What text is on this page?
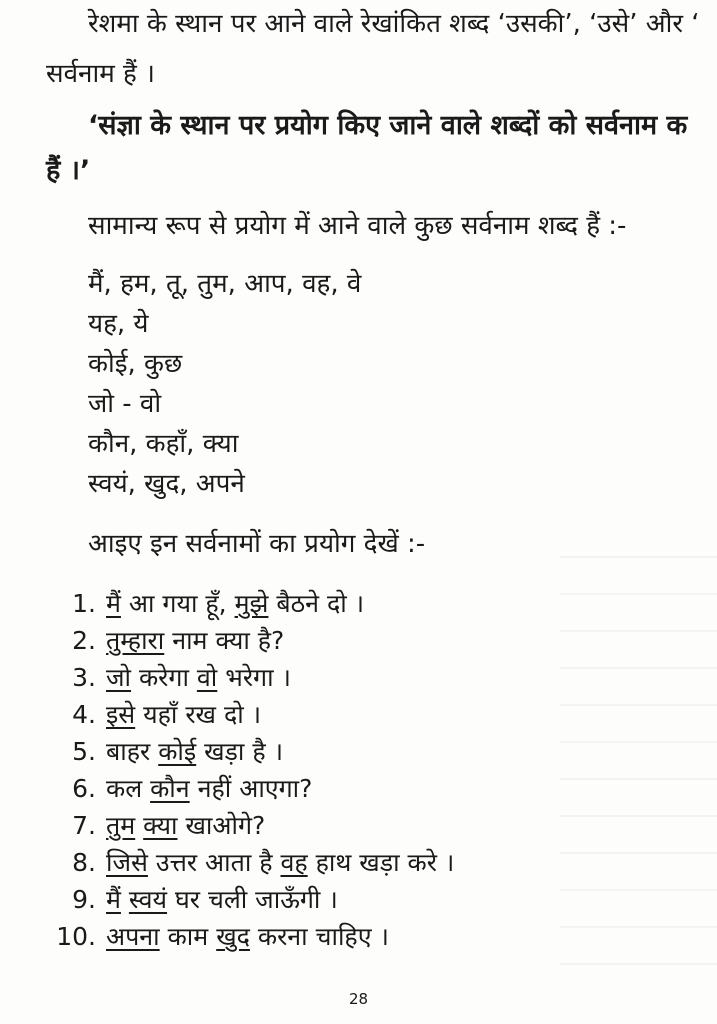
रेशमा के स्थान पर आने वाले रेखांकित शब्द ‘उसकी’, ‘उसे’ और ‘
सर्वनाम हैं ।
‘संज्ञा के स्थान पर प्रयोग किए जाने वाले शब्दों को सर्वनाम क
हैं ।’
सामान्य रूप से प्रयोग में आने वाले कुछ सर्वनाम शब्द हैं :-
मैं, हम, तू, तुम, आप, वह, वे
यह, ये
कोई, कुछ
जो - वो
कौन, कहाँ, क्या
स्वयं, खुद, अपने
आइए इन सर्वनामों का प्रयोग देखें :-
1. मैं आ गया हूँ, मुझे बैठने दो ।
2. तुम्हारा नाम क्या है?
3. जो करेगा वो भरेगा ।
4. इसे यहाँ रख दो ।
5. बाहर कोई खड़ा है ।
6. कल कौन नहीं आएगा?
7. तुम क्या खाओगे?
8. जिसे उत्तर आता है वह हाथ खड़ा करे ।
9. मैं स्वयं घर चली जाऊँगी ।
10. अपना काम खुद करना चाहिए ।
28
